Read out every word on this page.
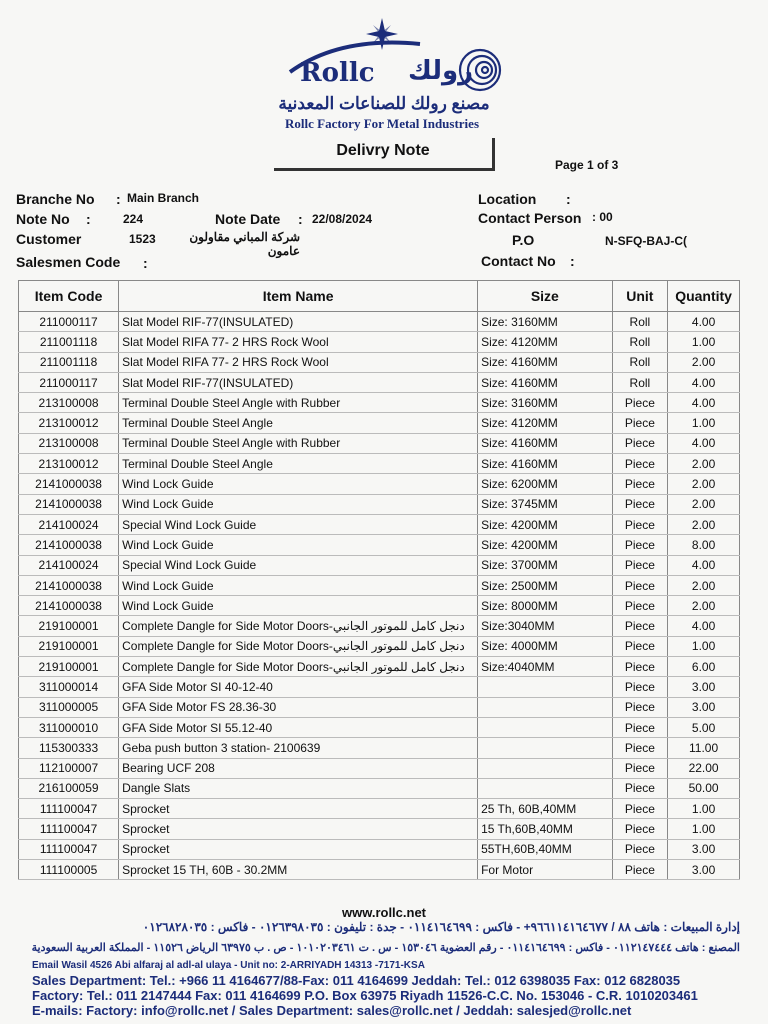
Rollc رولك
مصنع رولك للصناعات المعدنية
Rollc Factory For Metal Industries
Delivry Note
Page 1 of 3
Branche No : Main Branch
Note No :	224	Note Date : 22/08/2024
Customer	1523	شركة المباني مقاولون عامون
Salesmen Code :
Location :
Contact Person : 00
P.O	N-SFQ-BAJ-C(
Contact No :
Item Code	Item Name	Size	Unit	Quantity
211000117	Slat Model RIF-77(INSULATED)	Size: 3160MM	Roll	4.00
211001118	Slat Model RIFA 77- 2 HRS Rock Wool	Size: 4120MM	Roll	1.00
211001118	Slat Model RIFA 77- 2 HRS Rock Wool	Size: 4160MM	Roll	2.00
211000117	Slat Model RIF-77(INSULATED)	Size: 4160MM	Roll	4.00
213100008	Terminal Double Steel Angle with Rubber	Size: 3160MM	Piece	4.00
213100012	Terminal Double Steel Angle	Size: 4120MM	Piece	1.00
213100008	Terminal Double Steel Angle with Rubber	Size: 4160MM	Piece	4.00
213100012	Terminal Double Steel Angle	Size: 4160MM	Piece	2.00
2141000038	Wind Lock Guide	Size: 6200MM	Piece	2.00
2141000038	Wind Lock Guide	Size: 3745MM	Piece	2.00
214100024	Special Wind Lock Guide	Size: 4200MM	Piece	2.00
2141000038	Wind Lock Guide	Size: 4200MM	Piece	8.00
214100024	Special Wind Lock Guide	Size: 3700MM	Piece	4.00
2141000038	Wind Lock Guide	Size: 2500MM	Piece	2.00
2141000038	Wind Lock Guide	Size: 8000MM	Piece	2.00
219100001	Complete Dangle for Side Motor Doors-دنجل كامل للموتور الجانبي	Size:3040MM	Piece	4.00
219100001	Complete Dangle for Side Motor Doors-دنجل كامل للموتور الجانبي	Size: 4000MM	Piece	1.00
219100001	Complete Dangle for Side Motor Doors-دنجل كامل للموتور الجانبي	Size:4040MM	Piece	6.00
311000014	GFA Side Motor SI 40-12-40		Piece	3.00
311000005	GFA Side Motor FS 28.36-30		Piece	3.00
311000010	GFA Side Motor SI 55.12-40		Piece	5.00
115300333	Geba push button 3 station- 2100639		Piece	11.00
112100007	Bearing UCF 208		Piece	22.00
216100059	Dangle Slats		Piece	50.00
111100047	Sprocket	25 Th, 60B,40MM	Piece	1.00
111100047	Sprocket	15 Th,60B,40MM	Piece	1.00
111100047	Sprocket	55TH,60B,40MM	Piece	3.00
111100005	Sprocket 15 TH, 60B - 30.2MM	For Motor	Piece	3.00
www.rollc.net
إدارة المبيعات : هاتف ٨٨ / ٩٦٦١١٤١٦٤٦٧٧+ - فاكس : ٠١١٤١٦٤٦٩٩ - جدة : تليفون : ٠١٢٦٣٩٨٠٣٥ - فاكس : ٠١٢٦٨٢٨٠٣٥
المصنع : هاتف ٠١١٢١٤٧٤٤٤ - فاكس : ٠١١٤١٦٤٦٩٩ - رقم العضوية ١٥٣٠٤٦ - س . ت ١٠١٠٢٠٣٤٦١ - ص . ب ٦٣٩٧٥ الرياض ١١٥٢٦ - المملكة العربية السعودية
Email Wasil 4526 Abi alfaraj al adl-al ulaya - Unit no: 2-ARRIYADH 14313 -7171-KSA
Sales Department: Tel.: +966 11 4164677/88-Fax: 011 4164699 Jeddah: Tel.: 012 6398035 Fax: 012 6828035
Factory: Tel.: 011 2147444 Fax: 011 4164699 P.O. Box 63975 Riyadh 11526-C.C. No. 153046 - C.R. 1010203461
E-mails: Factory: info@rollc.net / Sales Department: sales@rollc.net / Jeddah: salesjed@rollc.net
